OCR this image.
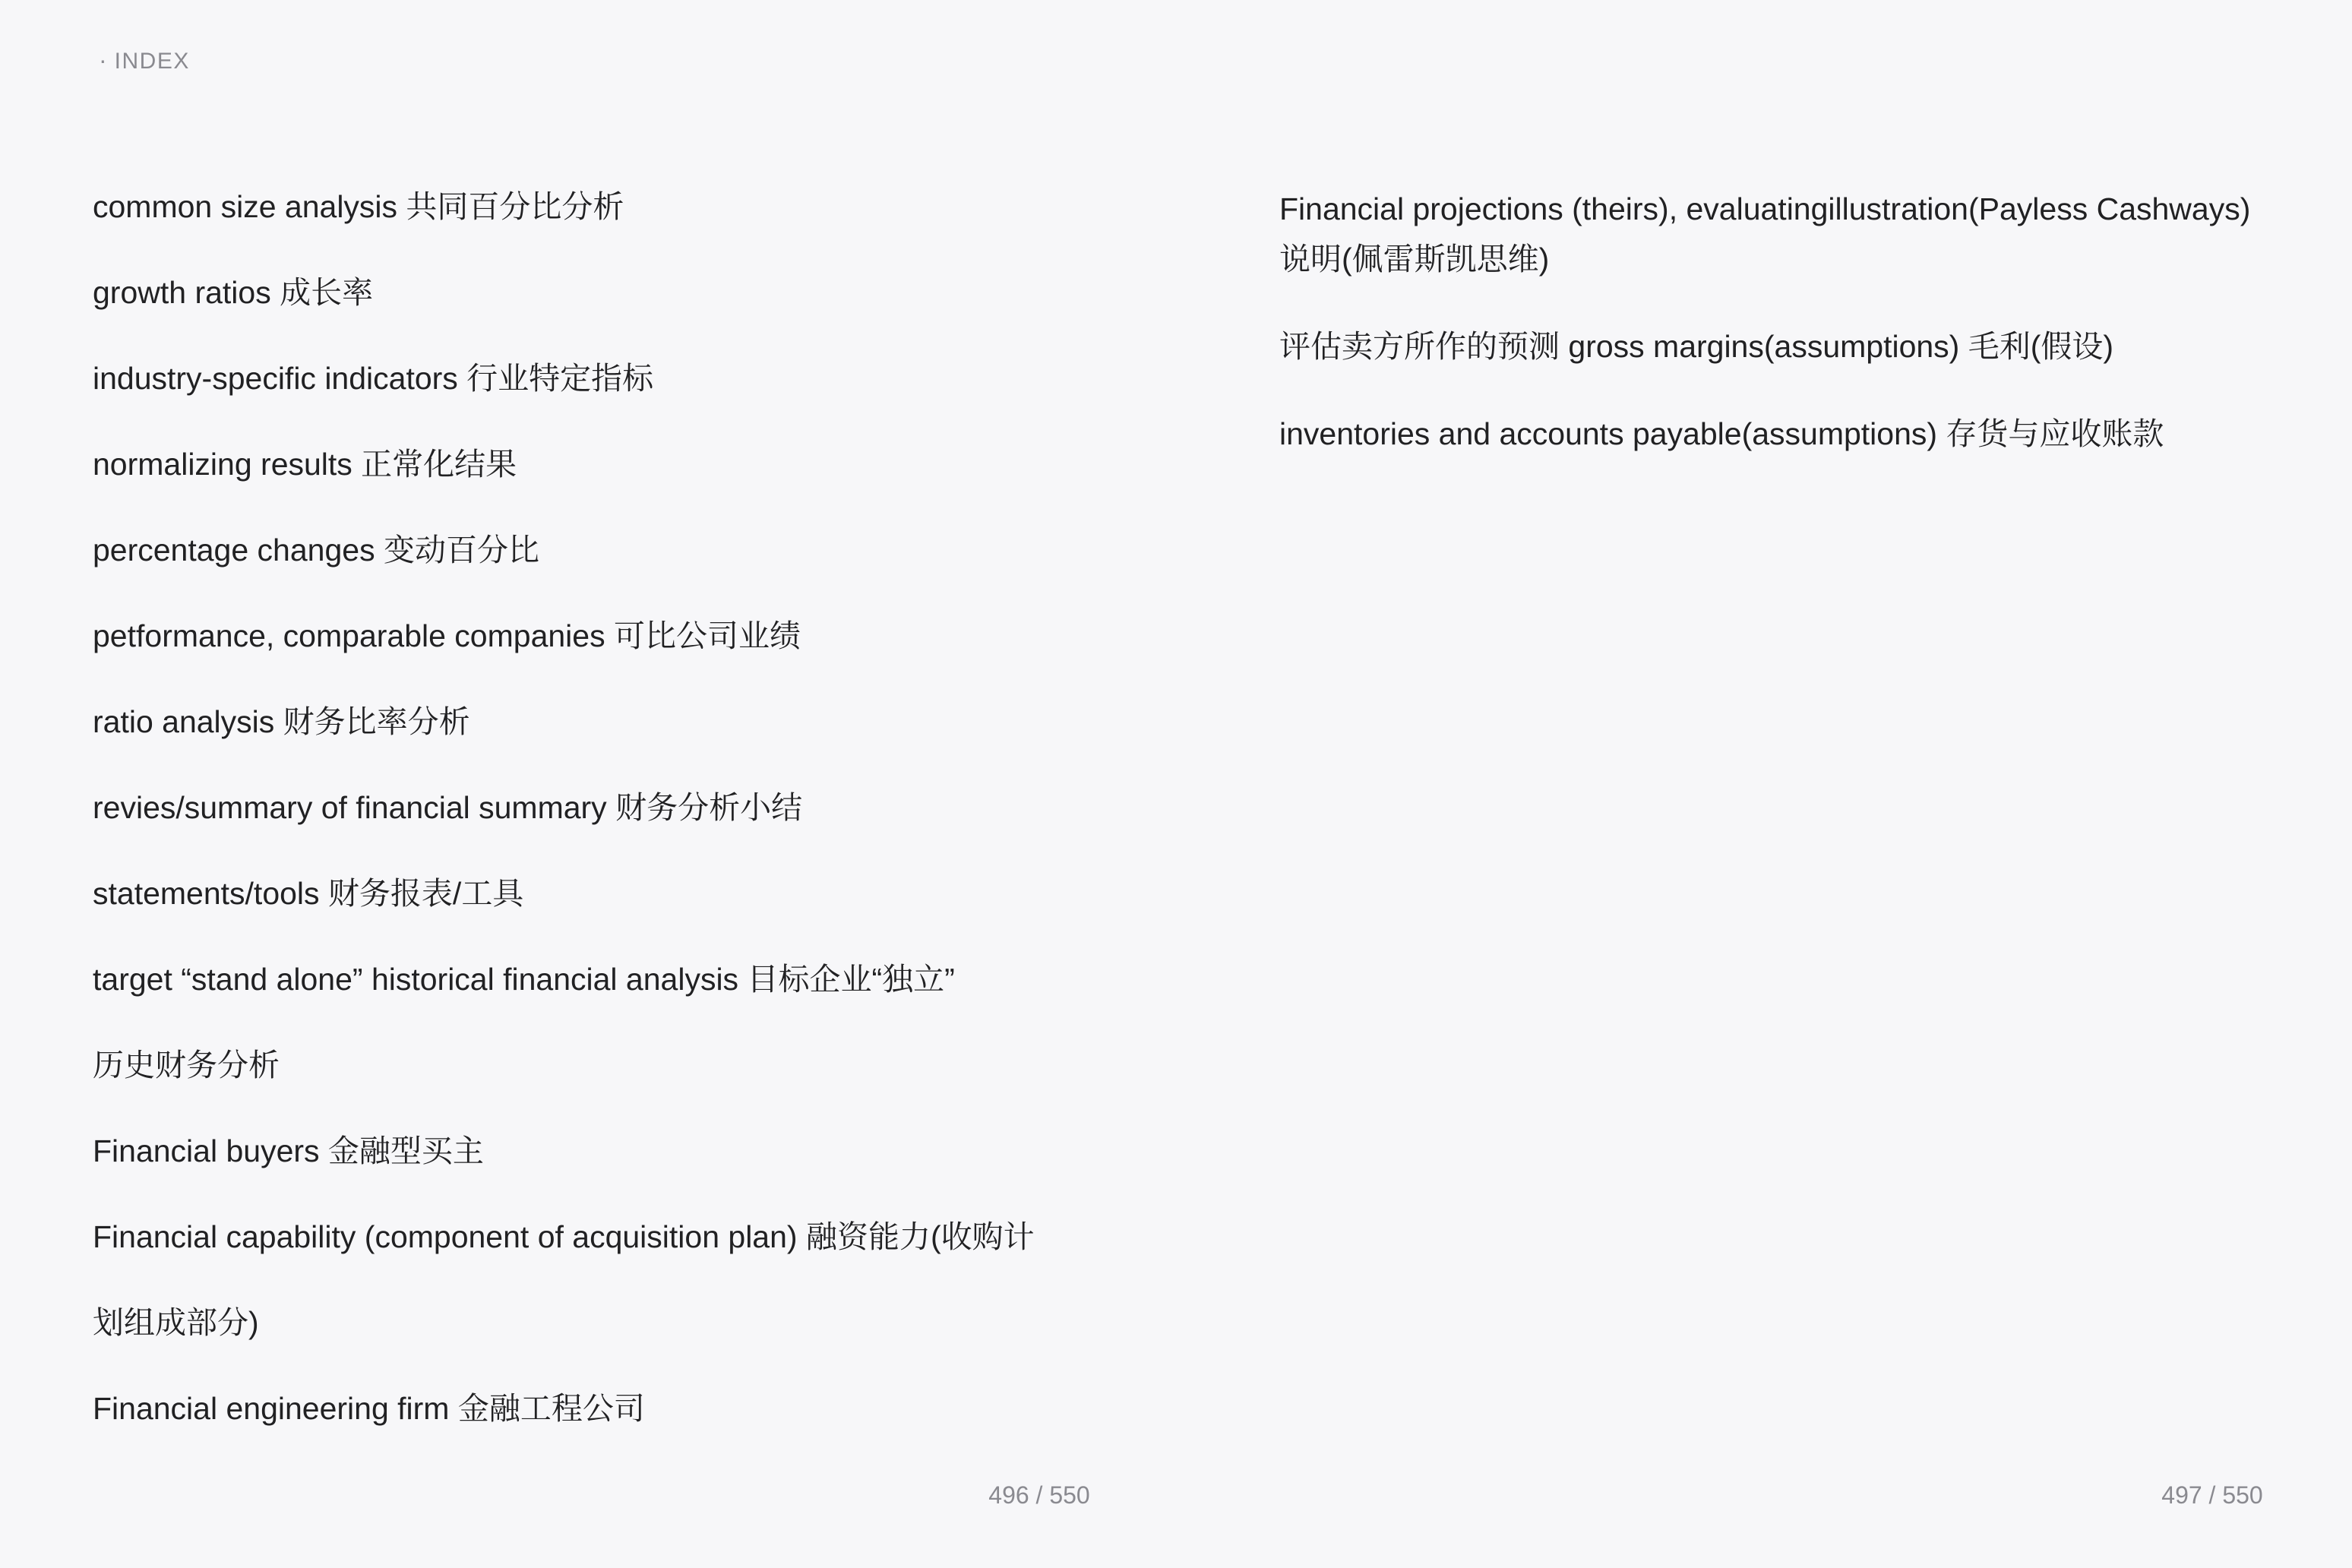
· INDEX
common size analysis 共同百分比分析
growth ratios 成长率
industry-specific indicators 行业特定指标
normalizing results 正常化结果
percentage changes 变动百分比
petformance, comparable companies 可比公司业绩
ratio analysis 财务比率分析
revies/summary of financial summary 财务分析小结
statements/tools 财务报表/工具
target “stand alone” historical financial analysis 目标企业“独立”
历史财务分析
Financial buyers 金融型买主
Financial capability (component of acquisition plan) 融资能力(收购计
划组成部分)
Financial engineering firm 金融工程公司
496 / 550
Financial projections (theirs), evaluatingillustration(Payless Cashways)
说明(佩雷斯凯思维)
评估卖方所作的预测 gross margins(assumptions) 毛利(假设)
inventories and accounts payable(assumptions) 存货与应收账款
497 / 550
